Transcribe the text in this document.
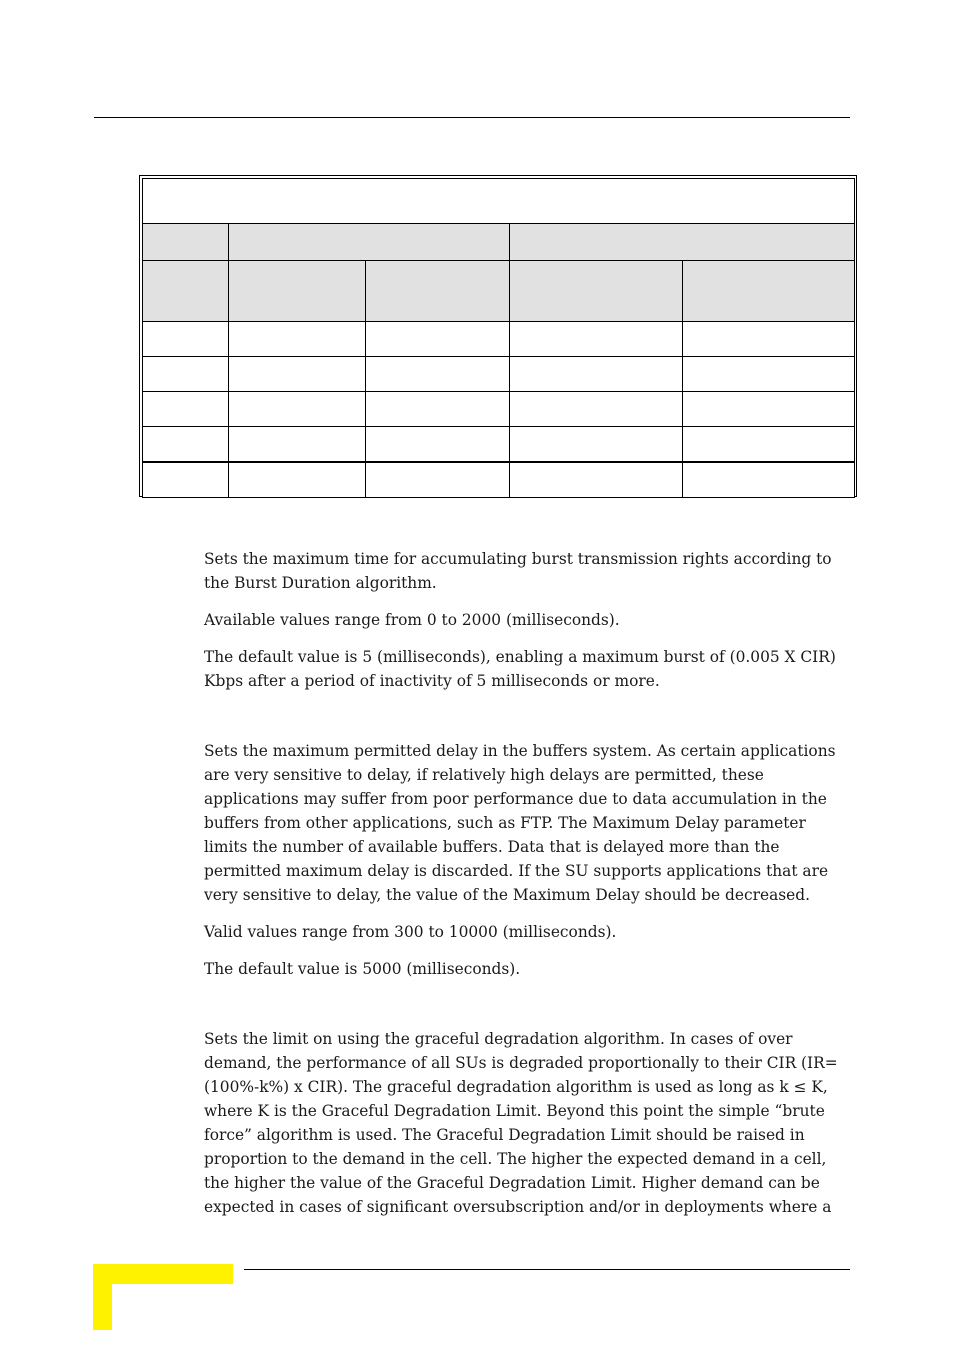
Sets the maximum time for accumulating burst transmission rights according to the Burst Duration algorithm.

Available values range from 0 to 2000 (milliseconds).

The default value is 5 (milliseconds), enabling a maximum burst of (0.005 X CIR) Kbps after a period of inactivity of 5 milliseconds or more.

Sets the maximum permitted delay in the buffers system. As certain applications are very sensitive to delay, if relatively high delays are permitted, these applications may suffer from poor performance due to data accumulation in the buffers from other applications, such as FTP. The Maximum Delay parameter limits the number of available buffers. Data that is delayed more than the permitted maximum delay is discarded. If the SU supports applications that are very sensitive to delay, the value of the Maximum Delay should be decreased.

Valid values range from 300 to 10000 (milliseconds).

The default value is 5000 (milliseconds).

Sets the limit on using the graceful degradation algorithm. In cases of over demand, the performance of all SUs is degraded proportionally to their CIR (IR=(100%-k%) x CIR). The graceful degradation algorithm is used as long as k ≤ K, where K is the Graceful Degradation Limit. Beyond this point the simple “brute force” algorithm is used. The Graceful Degradation Limit should be raised in proportion to the demand in the cell. The higher the expected demand in a cell, the higher the value of the Graceful Degradation Limit. Higher demand can be expected in cases of significant oversubscription and/or in deployments where a
